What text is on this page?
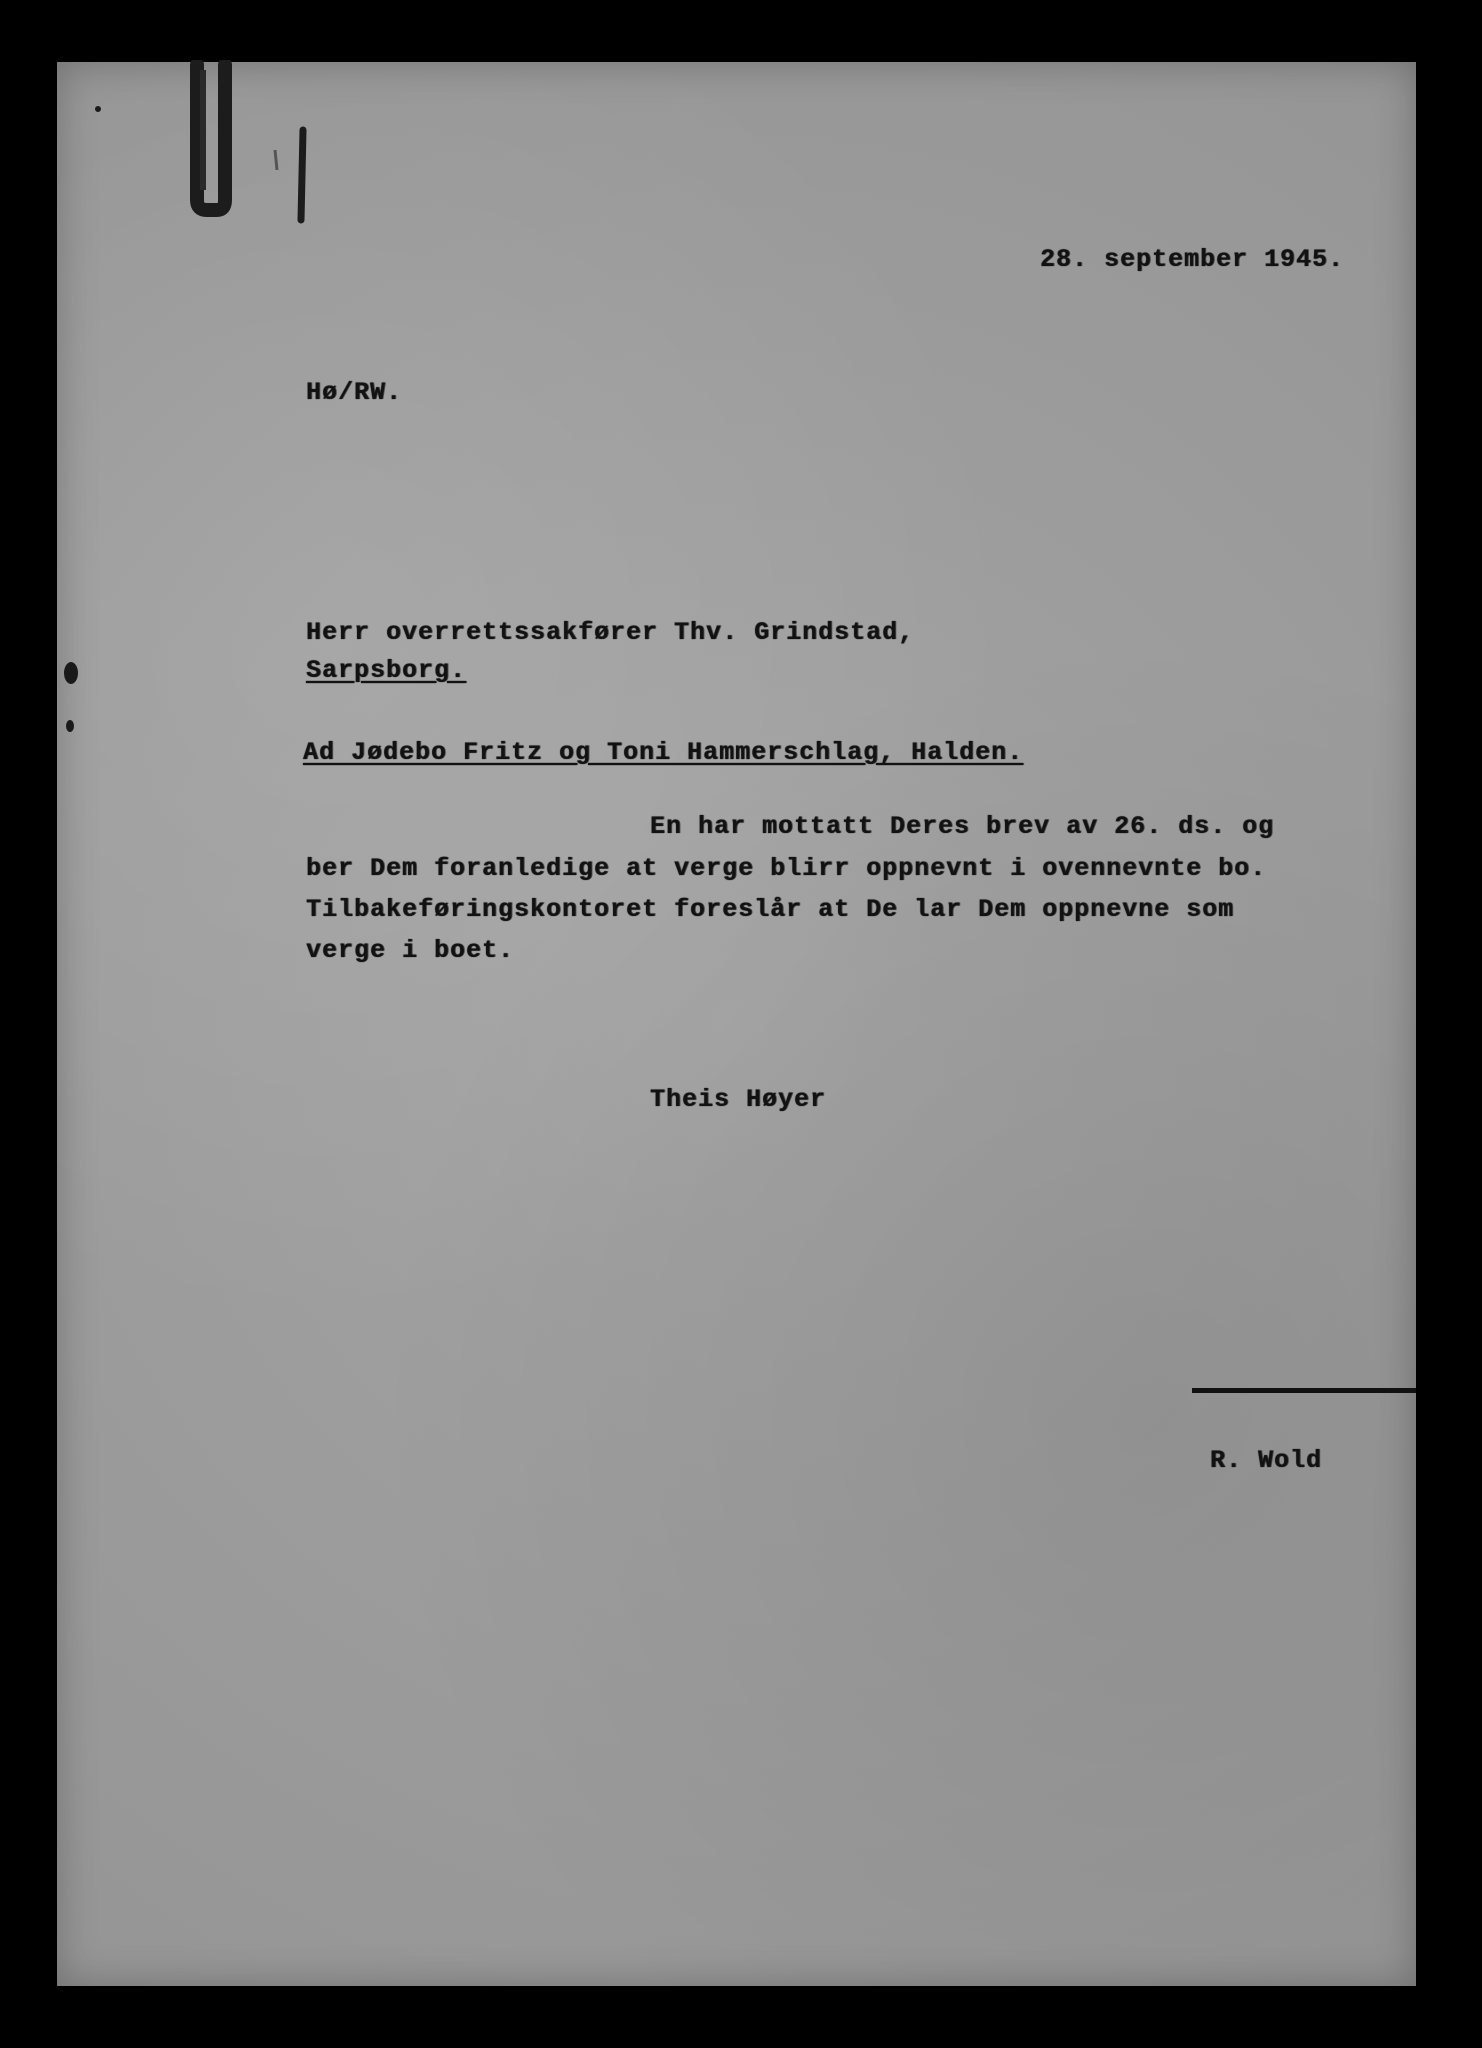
28. september 1945.
Hø/RW.
Herr overrettssakfører Thv. Grindstad,
Sarpsborg.
Ad Jødebo Fritz og Toni Hammerschlag, Halden.
En har mottatt Deres brev av 26. ds. og
ber Dem foranledige at verge blirr oppnevnt i ovennevnte bo.
Tilbakeføringskontoret foreslår at De lar Dem oppnevne som
verge i boet.
Theis Høyer
R. Wold
